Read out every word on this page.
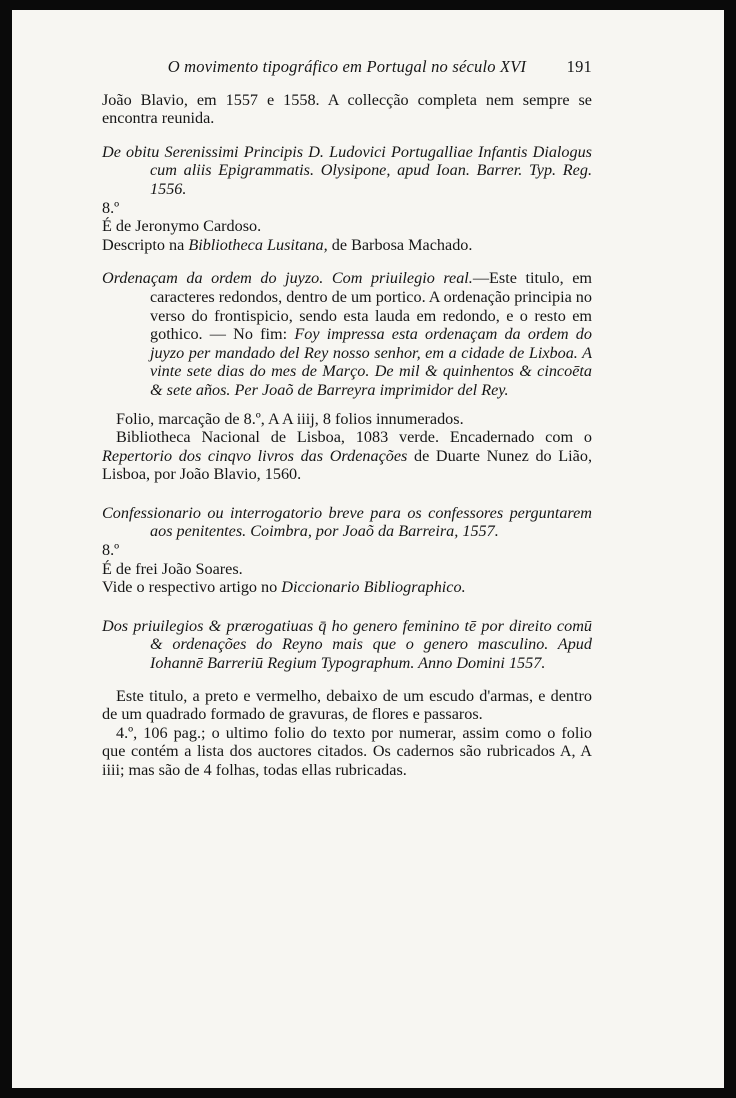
O movimento tipográfico em Portugal no século XVI 191

João Blavio, em 1557 e 1558. A collecção completa nem sempre se encontra reunida.

De obitu Serenissimi Principis D. Ludovici Portugalliae Infantis Dialogus cum aliis Epigrammatis. Olysipone, apud Ioan. Barrer. Typ. Reg. 1556.

8.º

É de Jeronymo Cardoso.

Descripto na Bibliotheca Lusitana, de Barbosa Machado.

Ordenaçam da ordem do juyzo. Com priuilegio real.—Este titulo, em caracteres redondos, dentro de um portico. A ordenação principia no verso do frontispicio, sendo esta lauda em redondo, e o resto em gothico. — No fim: Foy impressa esta ordenaçam da ordem do juyzo per mandado del Rey nosso senhor, em a cidade de Lixboa. A vinte sete dias do mes de Março. De mil & quinhentos & cincoēta & sete años. Per Joaõ de Barreyra imprimidor del Rey.

Folio, marcação de 8.º, A A iiij, 8 folios innumerados.

Bibliotheca Nacional de Lisboa, 1083 verde. Encadernado com o Repertorio dos cinqvo livros das Ordenações de Duarte Nunez do Lião, Lisboa, por João Blavio, 1560.

Confessionario ou interrogatorio breve para os confessores perguntarem aos penitentes. Coimbra, por Joaõ da Barreira, 1557.

8.º

É de frei João Soares.

Vide o respectivo artigo no Diccionario Bibliographico.

Dos priuilegios & prærogatiuas q̄ ho genero feminino tē por direito comū & ordenações do Reyno mais que o genero masculino. Apud Iohannē Barreriū Regium Typographum. Anno Domini 1557.

Este titulo, a preto e vermelho, debaixo de um escudo d'armas, e dentro de um quadrado formado de gravuras, de flores e passaros.

4.º, 106 pag.; o ultimo folio do texto por numerar, assim como o folio que contém a lista dos auctores citados. Os cadernos são rubricados A, A iiii; mas são de 4 folhas, todas ellas rubricadas.
